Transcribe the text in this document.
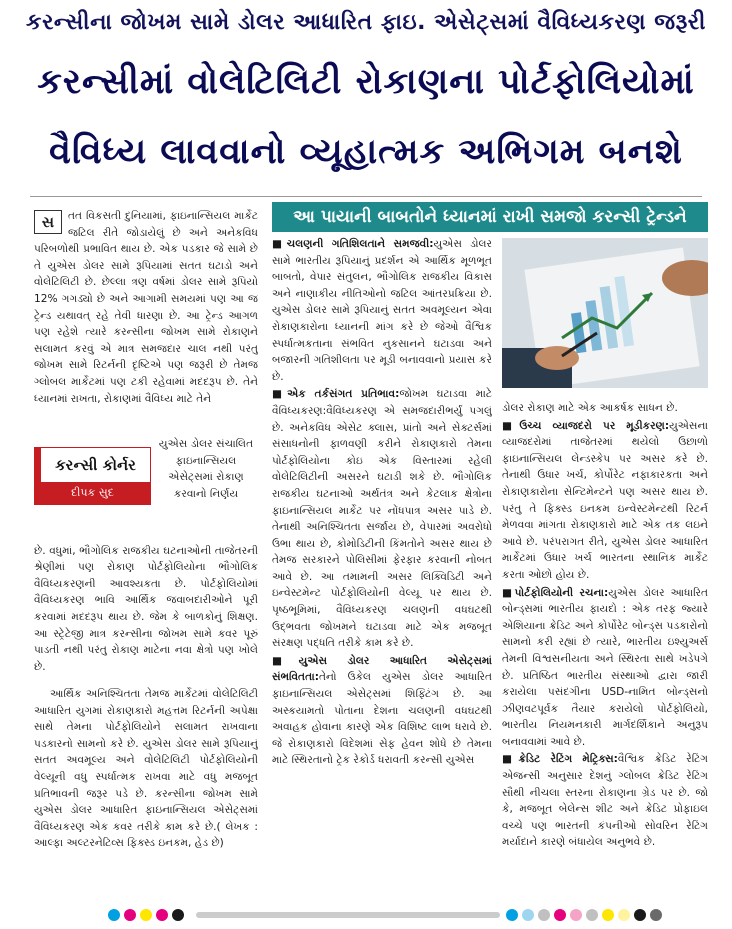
કરન્સીના જોખમ સામે ડોલર આધારિત ફાઇ. એસેટ્સમાં વૈવિધ્યકરણ જરૂરી
કરન્સીમાં વોલેટિલિટી રોકાણના પોર્ટફોલિયોમાં
વૈવિધ્ય લાવવાનો વ્યૂહાત્મક અભિગમ બનશે
સ	તત વિકસતી દુનિયામાં, ફાઇનાન્સિયલ માર્કેટ જટિલ રીતે જોડાયેલું છે અને અનેકવિધ પરિબળોથી પ્રભાવિત થાય છે. એક પડકાર જે સામે છે તે યુએસ ડોલર સામે રૂપિયામાં સતત ઘટાડો અને વોલેટિલિટી છે. છેલ્લા ત્રણ વર્ષમાં ડોલર સામે રૂપિયો 12% ગગડ્યો છે અને આગામી સમયમાં પણ આ જ ટ્રેન્ડ યથાવત્ રહે તેવી ધારણા છે. આ ટ્રેન્ડ આગળ પણ રહેશે ત્યારે કરન્સીના જોખમ સામે રોકાણને સલામત કરવું એ માત્ર સમજદાર ચાલ નથી પરંતુ જોખમ સામે રિટર્નની દૃષ્ટિએ પણ જરૂરી છે તેમજ ગ્લોબલ માર્કેટમાં પણ ટકી રહેવામાં મદદરૂપ છે. તેને ધ્યાનમાં રાખતા, રોકાણમાં વૈવિધ્ય માટે તેને
કરન્સી કોર્નર
દીપક સુદ
યુએસ ડોલર સંચાલિત ફાઇનાન્સિયલ એસેટ્સમાં રોકાણ કરવાનો નિર્ણય

છે. વધુમાં, ભૌગોલિક રાજકીય ઘટનાઓની તાજેતરની શ્રેણીમાં પણ રોકાણ પોર્ટફોલિયોના ભૌગોલિક વૈવિધ્યકરણની આવશ્યકતા છે. પોર્ટફોલિયોમાં વૈવિધ્યકરણ ભાવિ આર્થિક જવાબદારીઓને પૂરી કરવામાં મદદરૂપ થાય છે. જેમ કે બાળકોનું શિક્ષણ. આ સ્ટ્રેટેજી માત્ર કરન્સીના જોખમ સામે કવર પૂરું પાડતી નથી પરંતુ રોકાણ માટેના નવા ક્ષેત્રો પણ ખોલે છે.

આર્થિક અનિશ્ચિતતા તેમજ માર્કેટમાં વોલેટિલિટી આધારિત યુગમાં રોકાણકારો મહત્તમ રિટર્નની અપેક્ષા સાથે તેમના પોર્ટફોલિયોને સલામત રાખવાના પડકારનો સામનો કરે છે. યુએસ ડોલર સામે રૂપિયાનું સતત અવમૂલ્ય અને વોલેટિલિટી પોર્ટફોલિયોની વેલ્યૂની વધુ સ્પર્ધાત્મક રાખવા માટે વધુ મજબૂત પ્રતિભાવની જરૂર પડે છે. કરન્સીના જોખમ સામે યુએસ ડોલર આધારિત ફાઇનાન્સિયલ એસેટ્સમાં વૈવિધ્યકરણ એક કવર તરીકે કામ કરે છે.( લેખક : આલ્ફા અલ્ટરનેટિવ્સ ફિક્સ્ડ ઇનકમ, હેડ છે)

આ પાયાની બાબતોને ધ્યાનમાં રાખી સમજો કરન્સી ટ્રેન્ડને

■ચલણની ગતિશિલતાને સમજવી:યુએસ ડોલર સામે ભારતીય રૂપિયાનું પ્રદર્શન એ આર્થિક મૂળભૂત બાબતો, વેપાર સંતુલન, ભૌગોલિક રાજકીય વિકાસ અને નાણાકીય નીતિઓનો જટિલ આંતરપ્રક્રિયા છે. યુએસ ડોલર સામે રૂપિયાનું સતત અવમૂલ્યન એવા રોકાણકારોના ધ્યાનની માંગ કરે છે જેઓ વૈશ્વિક સ્પર્ધાત્મકતાના સંભવિત નુકસાનને ઘટાડવા અને બજારની ગતિશીલતા પર મૂડી બનાવવાનો પ્રયાસ કરે છે.

■એક તર્કસંગત પ્રતિભાવ:જોખમ ઘટાડવા માટે વૈવિધ્યકરણ:વૈવિધ્યકરણ એ સમજદારીભર્યું પગલું છે. અનેકવિધ એસેટ ક્લાસ, પ્રાંતો અને સેક્ટર્સમાં સંસાધનોની ફાળવણી કરીને રોકાણકારો તેમના પોર્ટફોલિયોના કોઇ એક વિસ્તારમાં રહેલી વોલેટિલિટીની અસરને ઘટાડી શકે છે. ભૌગોલિક રાજકીય ઘટનાઓ અર્થતંત્ર અને કેટલાક ક્ષેત્રોના ફાઇનાન્સિયલ માર્કેટ પર નોંધપાત્ર અસર પાડે છે. તેનાથી અનિશ્ચિતતા સર્જાય છે, વેપારમાં અવરોધો ઉભા થાય છે, કોમોડિટીની કિંમતોને અસર થાય છે તેમજ સરકારને પોલિસીમાં ફેરફાર કરવાની નોબત આવે છે. આ તમામની અસર લિક્વિડિટી અને ઇન્વેસ્ટમેન્ટ પોર્ટફોલિયોની વેલ્યૂ પર થાય છે. પૃષ્ઠભૂમિમાં, વૈવિધ્યકરણ ચલણની વધઘટથી ઉદ્ભવતા જોખમને ઘટાડવા માટે એક મજબૂત સંરક્ષણ પદ્ધતિ તરીકે કામ કરે છે.

■યુએસ ડોલર આધારિત એસેટ્સમાં સંભવિતતા:તેનો ઉકેલ યુએસ ડોલર આધારિત ફાઇનાન્સિયલ એસેટ્સમાં શિફ્ટિંગ છે. આ અસ્કયામતો પોતાના દેશના ચલણની વધઘટથી અવાહક હોવાના કારણે એક વિશિષ્ટ લાભ ધરાવે છે. જે રોકાણકારો વિદેશમાં સેફ હેવન શોધે છે તેમના માટે સ્થિરતાનો ટ્રેક રેકોર્ડ ધરાવતી કરન્સી યુએસ

ડોલર રોકાણ માટે એક આકર્ષક સાધન છે.

■ઉચ્ચ વ્યાજદરો પર મૂડીકરણ:યુએસના વ્યાજદરોમાં તાજેતરમાં થયેલો ઉછાળો ફાઇનાન્સિયલ લેન્ડસ્કેપ પર અસર કરે છે. તેનાથી ઉધાર ખર્ચ, કોર્પોરેટ નફાકારકતા અને રોકાણકારોના સેન્ટિમેન્ટને પણ અસર થાય છે. પરંતુ તે ફિક્સ્ડ ઇનકમ ઇન્વેસ્ટમેન્ટથી રિટર્ન મેળવવા માંગતા રોકાણકારો માટે એક તક લઇને આવે છે. પરંપરાગત રીતે, યુએસ ડોલર આધારિત માર્કેટમાં ઉધાર ખર્ચ ભારતના સ્થાનિક માર્કેટ કરતા ઓછો હોય છે.

■પોર્ટફોલિયોની રચના:યુએસ ડોલર આધારિત બોન્ડ્સમાં ભારતીય ફાયદો : એક તરફ જ્યારે એશિયાના ક્રેડિટ અને કોર્પોરેટ બોન્ડ્સ પડકારોનો સામનો કરી રહ્યાં છે ત્યારે, ભારતીય ઇશ્યુઅર્સ તેમની વિશ્વસનીયતા અને સ્થિરતા સાથે ખડેપગે છે. પ્રતિષ્ઠિત ભારતીય સંસ્થાઓ દ્વારા જારી કરાયેલા પસંદગીના USD-નામિત બોન્ડ્સનો ઝીણવટપૂર્વક તૈયાર કરાયેલો પોર્ટફોલિયો, ભારતીય નિયમનકારી માર્ગદર્શિકાને અનુરૂપ બનાવવામાં આવે છે.

■ક્રેડિટ રેટિંગ મેટ્રિક્સ:વૈશ્વિક ક્રેડિટ રેટિંગ એજન્સી અનુસાર દેશનું ગ્લોબલ ક્રેડિટ રેટિંગ સૌથી નીચલા સ્તરના રોકાણના ગ્રેડ પર છે. જો કે, મજબૂત બેલેન્સ શીટ અને ક્રેડિટ પ્રોફાઇલ વચ્ચે પણ ભારતની કંપનીઓ સોવરિન રેટિંગ મર્યાદાને કારણે બંધાયેલ અનુભવે છે.
